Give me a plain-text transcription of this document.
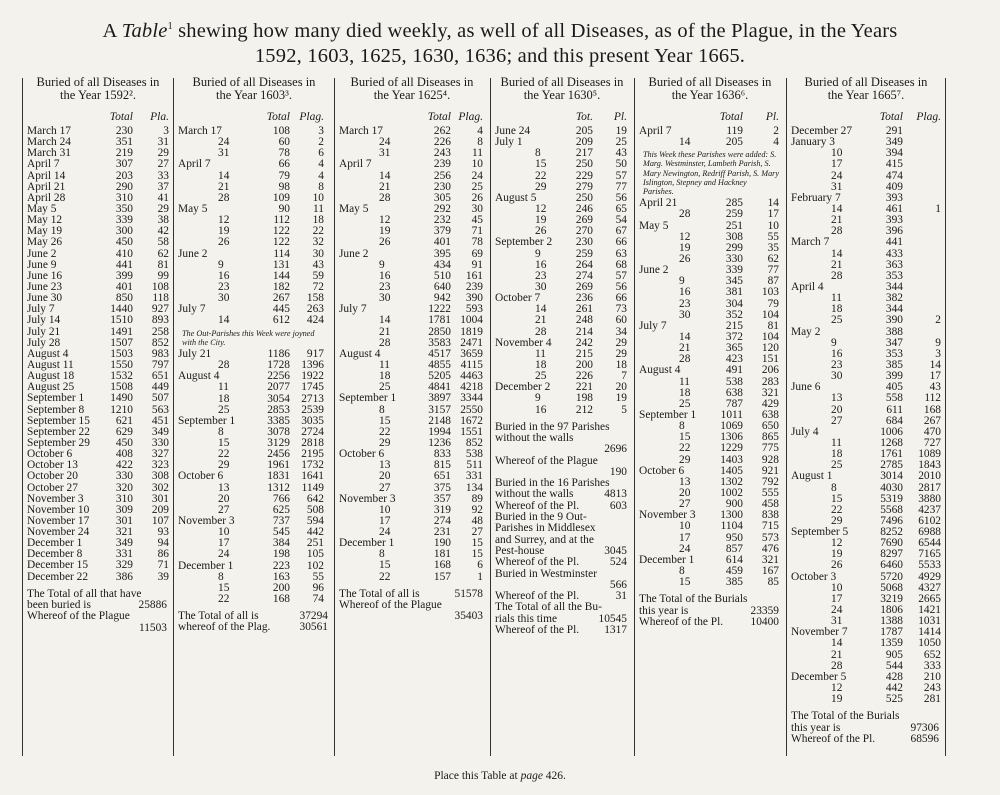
A Table$^1$ shewing how many died weekly, as well of all Diseases, as of the Plague, in the Years
1592, 1603, 1625, 1630, 1636; and this present Year 1665.
Buried of all Diseases in
the Year 1592².
Total Pla.
March 17	230	3
March 24	351 31
March 31	219 29
April 7	307 27
April 14	203 33
April 21	290 37
April 28	310 41
May 5	350 29
May 12	339 38
May 19	300 42
May 26	450 58
June 2	410 62
June 9	441 81
June 16	399 99
June 23	401 108
June 30	850 118
July 7	1440 927
July 14	1510 893
July 21	1491 258
July 28	1507 852
August 4	1503 983
August 11	1550 797
August 18	1532 651
August 25	1508 449
September 1 1490 507
September 8 1210 563
September 15 621 451
September 22 629 349
September 29 450 330
October 6	408 327
October 13	422 323
October 20	330 308
October 27	320 302
November 3	310 301
November 10 309 209
November 17 301 107
November 24 321 93
December 1	349 94
December 8	331 86
December 15 329 71
December 22 386 39
The Total of all that have
been buried is	25886
Whereof of the Plague
11503
Buried of all Diseases in
the Year 1603³.
Total Plag.
March 17	108 3
24	60 2
31	78 6
April 7	66 4
14	79 4
21	98 8
28	109 10
May 5	90 11
12	112 18
19	122 22
26	122 32
June 2	114 30
9	131 43
16	144 59
23	182 72
30	267 158
July 7	445 263
14	612 424
The Out-Parishes this Week were joyned with the City.
July 21	1186 917
28	1728 1396
August 4	2256 1922
11	2077 1745
18	3054 2713
25	2853 2539
September 1	3385 3035
8	3078 2724
15	3129 2818
22	2456 2195
29	1961 1732
October 6	1831 1641
13	1312 1149
20	766 642
27	625 508
November 3	737 594
10	545 442
17	384 251
24	198 105
December 1	223 102
8	163 55
15	200 96
22	168 74
The Total of all is	37294
whereof of the Plag.	30561
Buried of all Diseases in
the Year 1625⁴.
Total Plag.
March 17	262 4
24	226 8
31	243 11
April 7	239 10
14	256 24
21	230 25
28	305 26
May 5	292 30
12	232 45
19	379 71
26	401 78
June 2	395 69
9	434 91
16	510 161
23	640 239
30	942 390
July 7	1222 593
14	1781 1004
21	2850 1819
28	3583 2471
August 4	4517 3659
11	4855 4115
18	5205 4463
25	4841 4218
September 1	3897 3344
8	3157 2550
15	2148 1672
22	1994 1551
29	1236 852
October 6	833 538
13	815 511
20	651 331
27	375 134
November 3	357 89
10	319 92
17	274 48
24	231 27
December 1	190 15
8	181 15
15	168 6
22	157 1
The Total of all is	51578
Whereof of the Plague
35403
Buried of all Diseases in
the Year 1630⁵.
Tot. Pl.
June 24	205 19
July 1	209 25
8	217 43
15	250 50
22	229 57
29	279 77
August 5	250 56
12	246 65
19	269 54
26	270 67
September 2 230 66
9	259 63
16	264 68
23	274 57
30	269 56
October 7	236 66
14	261 73
21	248 60
28	214 34
November 4 242 29
11	215 29
18	200 18
25	226 7
December 2 221 20
9	198 19
16	212 5
Buried in the 97 Parishes
without the walls
2696
Whereof of the Plague
190
Buried in the 16 Parishes
without the walls	4813
Whereof of the Pl.	603
Buried in the 9 Out-
Parishes in Middlesex
and Surrey, and at the
Pest-house	3045
Whereof of the Pl.	524
Buried in Westminster
566
Whereof of the Pl.	31
The Total of all the Bu-
rials this time	10545
Whereof of the Pl. 1317
Buried of all Diseases in
the Year 1636⁶.
Total Pl.
April 7	119	2
14	205	4
This Week these Parishes were added: S. Marg. Westminster, Lambeth Parish, S. Mary Newington, Redriff Parish, S. Mary Islington, Stepney and Hackney Parishes.
April 21	285 14
28	259 17
May 5	251 10
12	308 55
19	299 35
26	330 62
June 2	339 77
9	345 87
16	381 103
23	304 79
30	352 104
July 7	215 81
14	372 104
21	365 120
28	423 151
August 4	491 206
11	538 283
18	638 321
25	787 429
September 1 1011 638
8	1069 650
15	1306 865
22	1229 775
29	1403 928
October 6	1405 921
13	1302 792
20	1002 555
27	900 458
November 3 1300 838
10	1104 715
17	950 573
24	857 476
December 1	614 321
8	459 167
15	385 85
The Total of the Burials
this year is	23359
Whereof of the Pl. 10400
Buried of all Diseases in
the Year 1665⁷.
Total Plag.
December 27	291
January 3	349
10	394
17	415
24	474
31	409
February 7	393
14	461	1
21	393
28	396
March 7	441
14	433
21	363
28	353
April 4	344
11	382
18	344
25	390	2
May 2	388
9	347	9
16	353	3
23	385 14
30	399 17
June 6	405 43
13	558 112
20	611 168
27	684 267
July 4	1006 470
11	1268 727
18	1761 1089
25	2785 1843
August 1	3014 2010
8	4030 2817
15	5319 3880
22	5568 4237
29	7496 6102
September 5	8252 6988
12	7690 6544
19	8297 7165
26	6460 5533
October 3	5720 4929
10	5068 4327
17	3219 2665
24	1806 1421
31	1388 1031
November 7	1787 1414
14	1359 1050
21	905 652
28	544 333
December 5	428 210
12	442 243
19	525 281
The Total of the Burials
this year is	97306
Whereof of the Pl.	68596
Place this Table at page 426.
